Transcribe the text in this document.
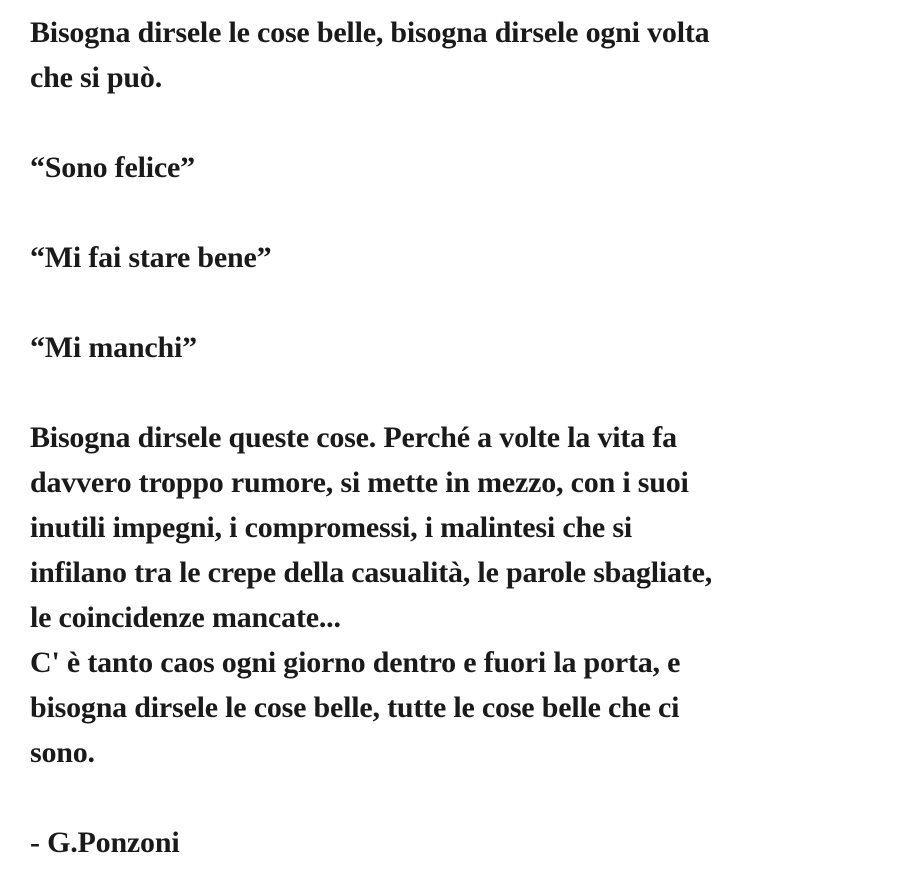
Bisogna dirsele le cose belle, bisogna dirsele ogni volta
che si può.
“Sono felice”
“Mi fai stare bene”
“Mi manchi”
Bisogna dirsele queste cose. Perché a volte la vita fa
davvero troppo rumore, si mette in mezzo, con i suoi
inutili impegni, i compromessi, i malintesi che si
infilano tra le crepe della casualità, le parole sbagliate,
le coincidenze mancate...
C' è tanto caos ogni giorno dentro e fuori la porta, e
bisogna dirsele le cose belle, tutte le cose belle che ci
sono.
- G.Ponzoni
